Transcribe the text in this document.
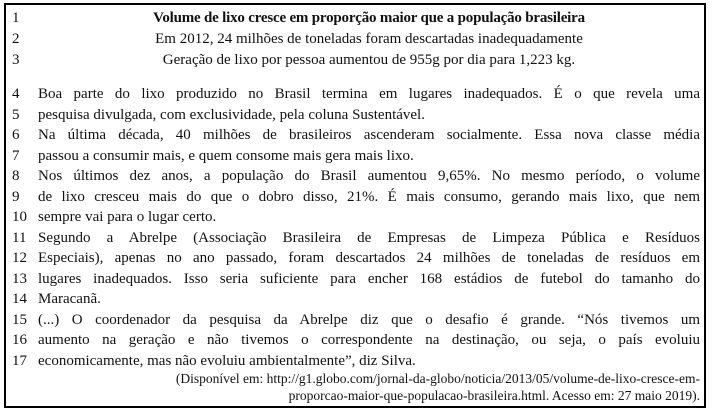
1	Volume de lixo cresce em proporção maior que a população brasileira
2	Em 2012, 24 milhões de toneladas foram descartadas inadequadamente
3	Geração de lixo por pessoa aumentou de 955g por dia para 1,223 kg.
4	Boa parte do lixo produzido no Brasil termina em lugares inadequados. É o que revela uma
5	pesquisa divulgada, com exclusividade, pela coluna Sustentável.
6	Na última década, 40 milhões de brasileiros ascenderam socialmente. Essa nova classe média
7	passou a consumir mais, e quem consome mais gera mais lixo.
8	Nos últimos dez anos, a população do Brasil aumentou 9,65%. No mesmo período, o volume
9	de lixo cresceu mais do que o dobro disso, 21%. É mais consumo, gerando mais lixo, que nem
10 sempre vai para o lugar certo.
11 Segundo a Abrelpe (Associação Brasileira de Empresas de Limpeza Pública e Resíduos
12 Especiais), apenas no ano passado, foram descartados 24 milhões de toneladas de resíduos em
13 lugares inadequados. Isso seria suficiente para encher 168 estádios de futebol do tamanho do
14 Maracanã.
15 (...) O coordenador da pesquisa da Abrelpe diz que o desafio é grande. “Nós tivemos um
16 aumento na geração e não tivemos o correspondente na destinação, ou seja, o país evoluiu
17 economicamente, mas não evoluiu ambientalmente”, diz Silva.
(Disponível em: http://g1.globo.com/jornal-da-globo/noticia/2013/05/volume-de-lixo-cresce-em-
proporcao-maior-que-populacao-brasileira.html. Acesso em: 27 maio 2019).
